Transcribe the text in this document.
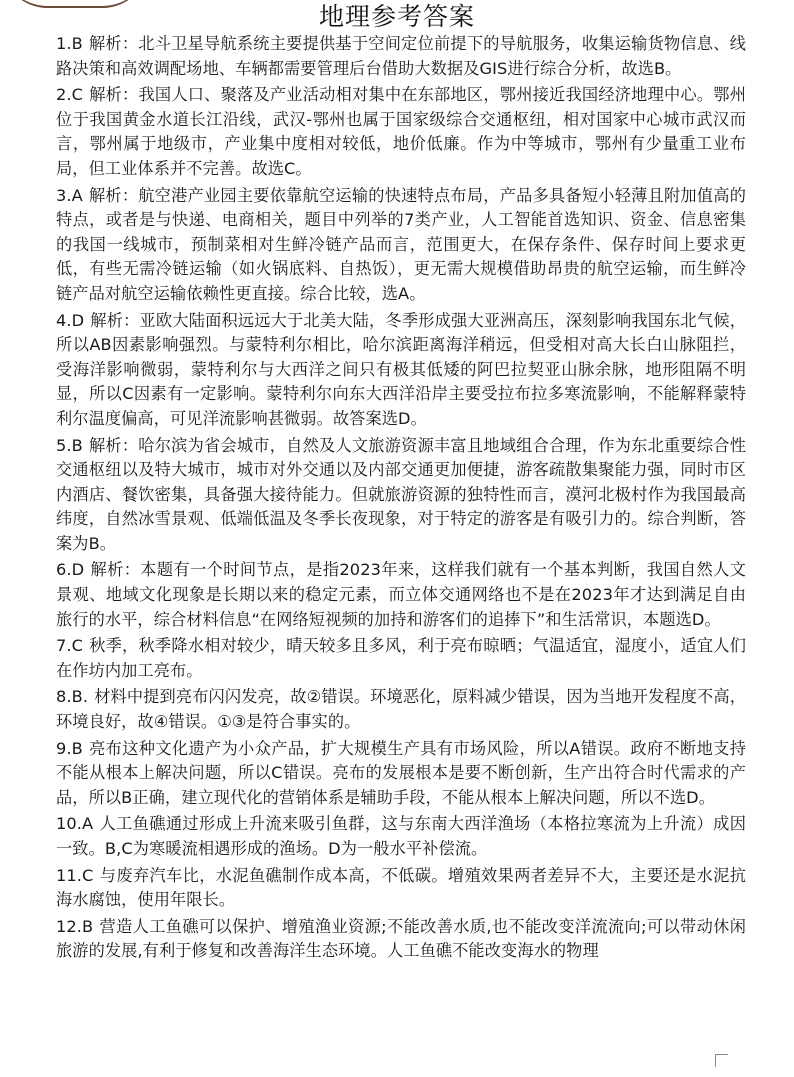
地理参考答案

1.B 解析：北斗卫星导航系统主要提供基于空间定位前提下的导航服务，收集运输货物信息、线路决策和高效调配场地、车辆都需要管理后台借助大数据及GIS进行综合分析，故选B。

2.C 解析：我国人口、聚落及产业活动相对集中在东部地区，鄂州接近我国经济地理中心。鄂州位于我国黄金水道长江沿线，武汉-鄂州也属于国家级综合交通枢纽，相对国家中心城市武汉而言，鄂州属于地级市，产业集中度相对较低，地价低廉。作为中等城市，鄂州有少量重工业布局，但工业体系并不完善。故选C。

3.A 解析：航空港产业园主要依靠航空运输的快速特点布局，产品多具备短小轻薄且附加值高的特点，或者是与快递、电商相关，题目中列举的7类产业，人工智能首选知识、资金、信息密集的我国一线城市，预制菜相对生鲜冷链产品而言，范围更大，在保存条件、保存时间上要求更低，有些无需冷链运输（如火锅底料、自热饭），更无需大规模借助昂贵的航空运输，而生鲜冷链产品对航空运输依赖性更直接。综合比较，选A。

4.D 解析：亚欧大陆面积远远大于北美大陆，冬季形成强大亚洲高压，深刻影响我国东北气候，所以AB因素影响强烈。与蒙特利尔相比，哈尔滨距离海洋稍远，但受相对高大长白山脉阻拦，受海洋影响微弱，蒙特利尔与大西洋之间只有极其低矮的阿巴拉契亚山脉余脉，地形阻隔不明显，所以C因素有一定影响。蒙特利尔向东大西洋沿岸主要受拉布拉多寒流影响，不能解释蒙特利尔温度偏高，可见洋流影响甚微弱。故答案选D。

5.B 解析：哈尔滨为省会城市，自然及人文旅游资源丰富且地域组合合理，作为东北重要综合性交通枢纽以及特大城市，城市对外交通以及内部交通更加便捷，游客疏散集聚能力强，同时市区内酒店、餐饮密集，具备强大接待能力。但就旅游资源的独特性而言，漠河北极村作为我国最高纬度，自然冰雪景观、低端低温及冬季长夜现象，对于特定的游客是有吸引力的。综合判断，答案为B。

6.D 解析：本题有一个时间节点，是指2023年来，这样我们就有一个基本判断，我国自然人文景观、地域文化现象是长期以来的稳定元素，而立体交通网络也不是在2023年才达到满足自由旅行的水平，综合材料信息“在网络短视频的加持和游客们的追捧下”和生活常识，本题选D。

7.C 秋季，秋季降水相对较少，晴天较多且多风，利于亮布晾晒；气温适宜，湿度小，适宜人们在作坊内加工亮布。

8.B. 材料中提到亮布闪闪发亮，故②错误。环境恶化，原料减少错误，因为当地开发程度不高，环境良好，故④错误。①③是符合事实的。

9.B 亮布这种文化遗产为小众产品，扩大规模生产具有市场风险，所以A错误。政府不断地支持不能从根本上解决问题，所以C错误。亮布的发展根本是要不断创新，生产出符合时代需求的产品，所以B正确，建立现代化的营销体系是辅助手段，不能从根本上解决问题，所以不选D。

10.A 人工鱼礁通过形成上升流来吸引鱼群，这与东南大西洋渔场（本格拉寒流为上升流）成因一致。B,C为寒暖流相遇形成的渔场。D为一般水平补偿流。

11.C 与废弃汽车比，水泥鱼礁制作成本高，不低碳。增殖效果两者差异不大，主要还是水泥抗海水腐蚀，使用年限长。

12.B 营造人工鱼礁可以保护、增殖渔业资源;不能改善水质,也不能改变洋流流向;可以带动休闲旅游的发展,有利于修复和改善海洋生态环境。人工鱼礁不能改变海水的物理
